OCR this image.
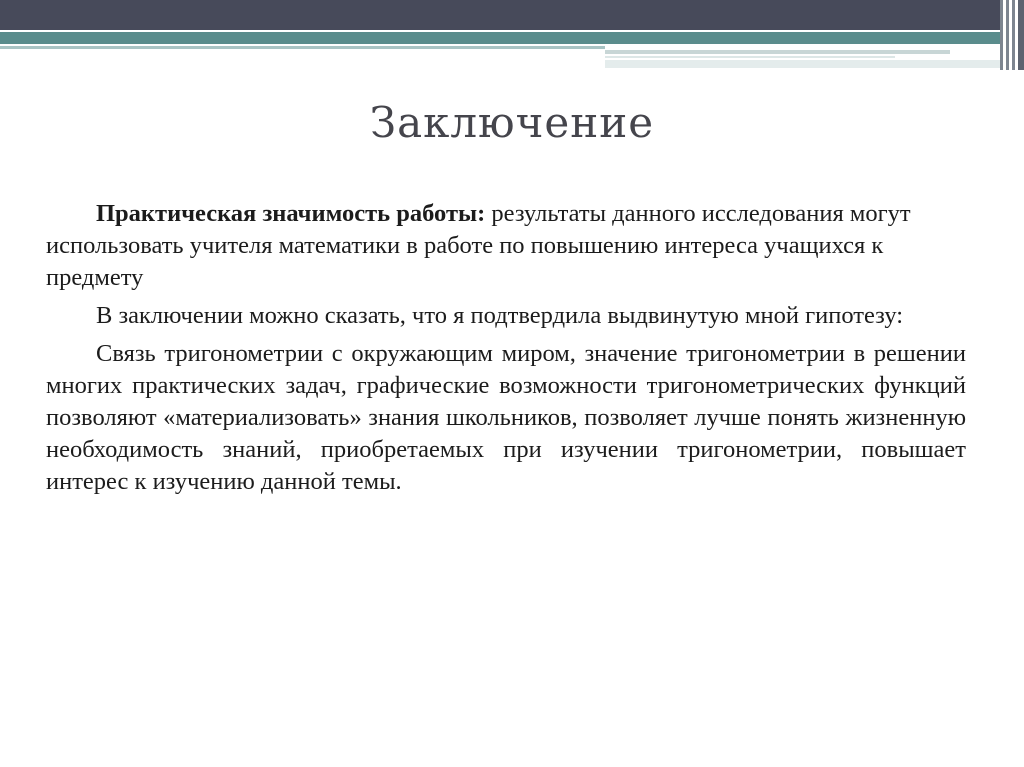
Заключение

Практическая значимость работы: результаты данного исследования могут использовать учителя математики в работе по повышению интереса учащихся к предмету

В заключении можно сказать, что я подтвердила выдвинутую мной гипотезу:

Связь тригонометрии с окружающим миром, значение тригонометрии в решении многих практических задач, графические возможности тригонометрических функций позволяют «материализовать» знания школьников, позволяет лучше понять жизненную необходимость знаний, приобретаемых при изучении тригонометрии, повышает интерес к изучению данной темы.
